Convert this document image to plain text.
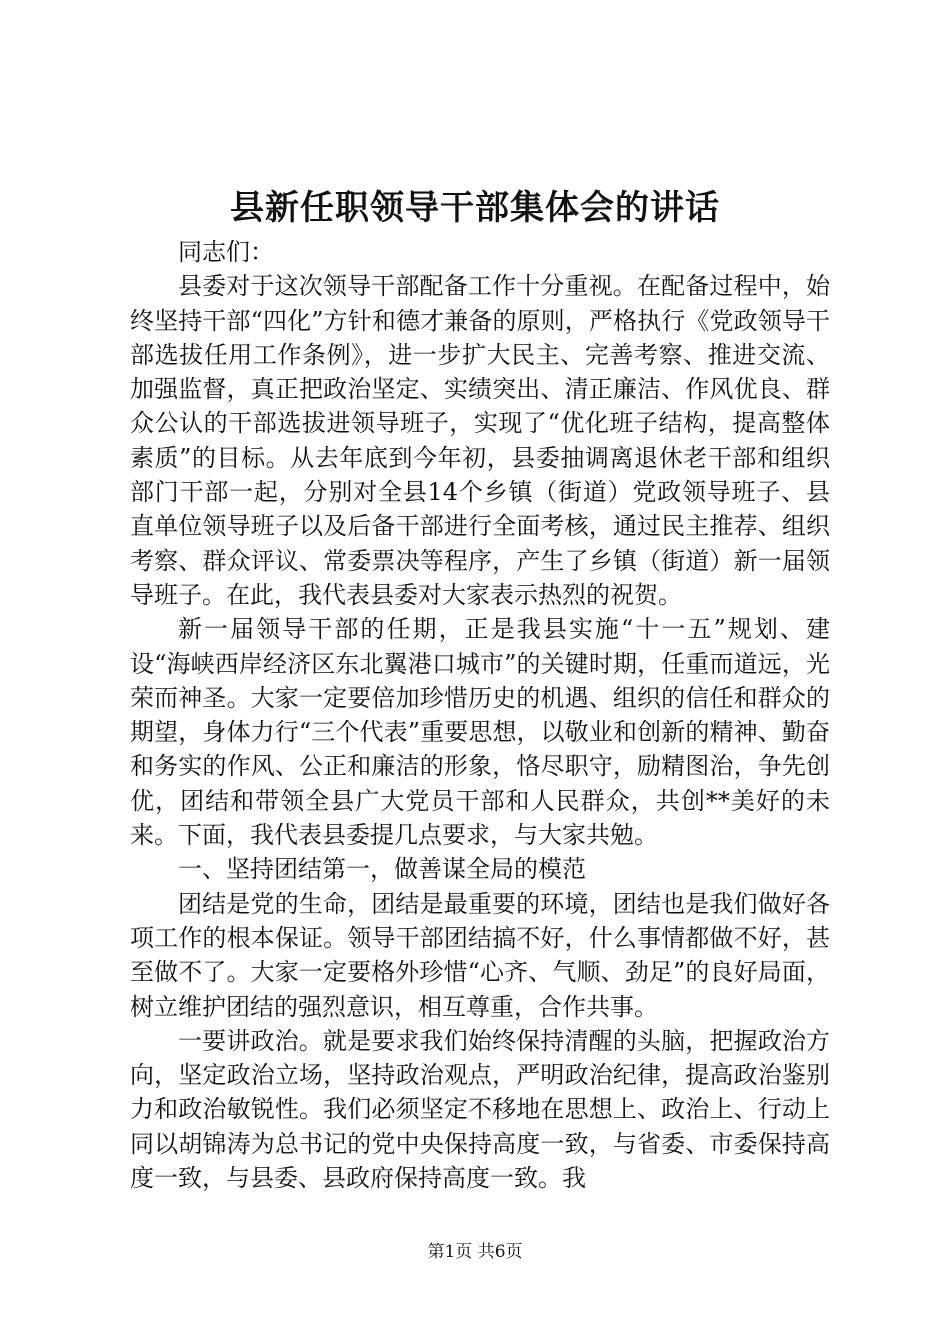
县新任职领导干部集体会的讲话

同志们：

县委对于这次领导干部配备工作十分重视。在配备过程中，始终坚持干部“四化”方针和德才兼备的原则，严格执行《党政领导干部选拔任用工作条例》，进一步扩大民主、完善考察、推进交流、加强监督，真正把政治坚定、实绩突出、清正廉洁、作风优良、群众公认的干部选拔进领导班子，实现了“优化班子结构，提高整体素质”的目标。从去年底到今年初，县委抽调离退休老干部和组织部门干部一起，分别对全县14个乡镇（街道）党政领导班子、县直单位领导班子以及后备干部进行全面考核，通过民主推荐、组织考察、群众评议、常委票决等程序，产生了乡镇（街道）新一届领导班子。在此，我代表县委对大家表示热烈的祝贺。

新一届领导干部的任期，正是我县实施“十一五”规划、建设“海峡西岸经济区东北翼港口城市”的关键时期，任重而道远，光荣而神圣。大家一定要倍加珍惜历史的机遇、组织的信任和群众的期望，身体力行“三个代表”重要思想，以敬业和创新的精神、勤奋和务实的作风、公正和廉洁的形象，恪尽职守，励精图治，争先创优，团结和带领全县广大党员干部和人民群众，共创**美好的未来。下面，我代表县委提几点要求，与大家共勉。

一、坚持团结第一，做善谋全局的模范

团结是党的生命，团结是最重要的环境，团结也是我们做好各项工作的根本保证。领导干部团结搞不好，什么事情都做不好，甚至做不了。大家一定要格外珍惜“心齐、气顺、劲足”的良好局面，树立维护团结的强烈意识，相互尊重，合作共事。

一要讲政治。就是要求我们始终保持清醒的头脑，把握政治方向，坚定政治立场，坚持政治观点，严明政治纪律，提高政治鉴别力和政治敏锐性。我们必须坚定不移地在思想上、政治上、行动上同以胡锦涛为总书记的党中央保持高度一致，与省委、市委保持高度一致，与县委、县政府保持高度一致。我

第1页 共6页
